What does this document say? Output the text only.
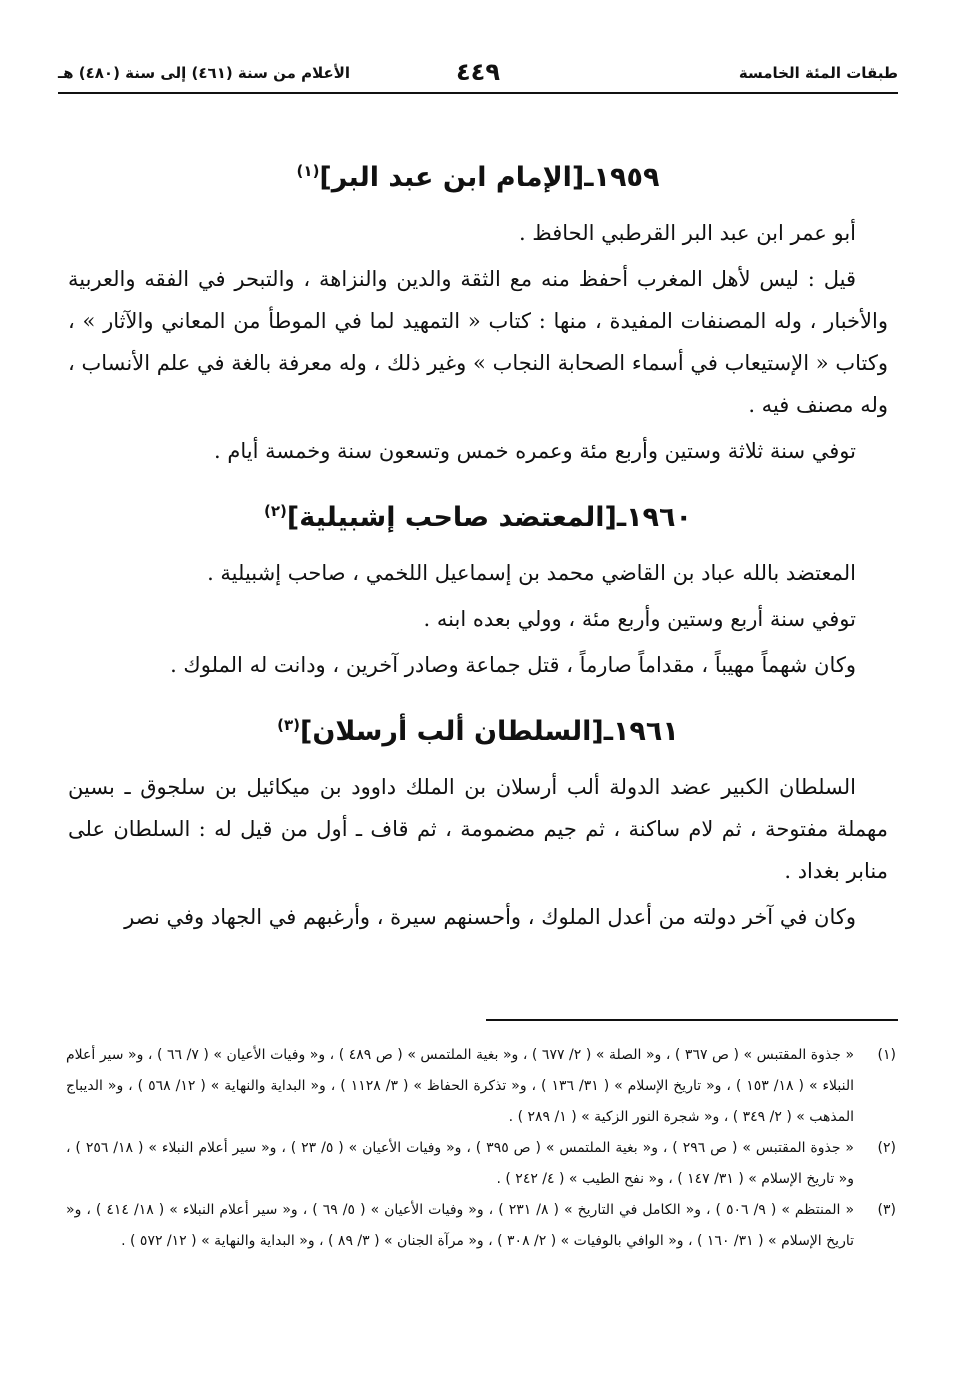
طبقات المئة الخامسة
٤٤٩
الأعلام من سنة (٤٦١) إلى سنة (٤٨٠) هـ
١٩٥٩ـ[الإمام ابن عبد البر]$^{(١)}$

أبو عمر ابن عبد البر القرطبي الحافظ .

قيل : ليس لأهل المغرب أحفظ منه مع الثقة والدين والنزاهة ، والتبحر في الفقه والعربية والأخبار ، وله المصنفات المفيدة ، منها : كتاب « التمهيد لما في الموطأ من المعاني والآثار » ، وكتاب « الإستيعاب في أسماء الصحابة النجاب » وغير ذلك ، وله معرفة بالغة في علم الأنساب ، وله مصنف فيه .

توفي سنة ثلاثة وستين وأربع مئة وعمره خمس وتسعون سنة وخمسة أيام .

١٩٦٠ـ[المعتضد صاحب إشبيلية]$^{(٢)}$

المعتضد بالله عباد بن القاضي محمد بن إسماعيل اللخمي ، صاحب إشبيلية .

توفي سنة أربع وستين وأربع مئة ، وولي بعده ابنه .

وكان شهماً مهيباً ، مقداماً صارماً ، قتل جماعة وصادر آخرين ، ودانت له الملوك .

١٩٦١ـ[السلطان ألب أرسلان]$^{(٣)}$

السلطان الكبير عضد الدولة ألب أرسلان بن الملك داوود بن ميكائيل بن سلجوق ـ بسين مهملة مفتوحة ، ثم لام ساكنة ، ثم جيم مضمومة ، ثم قاف ـ أول من قيل له : السلطان على منابر بغداد .

وكان في آخر دولته من أعدل الملوك ، وأحسنهم سيرة ، وأرغبهم في الجهاد وفي نصر

(١)
« جذوة المقتبس » ( ص ٣٦٧ ) ، و« الصلة » ( ٢/ ٦٧٧ ) ، و« بغية الملتمس » ( ص ٤٨٩ ) ، و« وفيات الأعيان » ( ٧/ ٦٦ ) ، و« سير أعلام النبلاء » ( ١٨/ ١٥٣ ) ، و« تاريخ الإسلام » ( ٣١/ ١٣٦ ) ، و« تذكرة الحفاظ » ( ٣/ ١١٢٨ ) ، و« البداية والنهاية » ( ١٢/ ٥٦٨ ) ، و« الديباج المذهب » ( ٢/ ٣٤٩ ) ، و« شجرة النور الزكية » ( ١/ ٢٨٩ ) .
(٢)
« جذوة المقتبس » ( ص ٢٩٦ ) ، و« بغية الملتمس » ( ص ٣٩٥ ) ، و« وفيات الأعيان » ( ٥/ ٢٣ ) ، و« سير أعلام النبلاء » ( ١٨/ ٢٥٦ ) ، و« تاريخ الإسلام » ( ٣١/ ١٤٧ ) ، و« نفح الطيب » ( ٤/ ٢٤٢ ) .
(٣)
« المنتظم » ( ٩/ ٥٠٦ ) ، و« الكامل في التاريخ » ( ٨/ ٢٣١ ) ، و« وفيات الأعيان » ( ٥/ ٦٩ ) ، و« سير أعلام النبلاء » ( ١٨/ ٤١٤ ) ، و« تاريخ الإسلام » ( ٣١/ ١٦٠ ) ، و« الوافي بالوفيات » ( ٢/ ٣٠٨ ) ، و« مرآة الجنان » ( ٣/ ٨٩ ) ، و« البداية والنهاية » ( ١٢/ ٥٧٢ ) .
